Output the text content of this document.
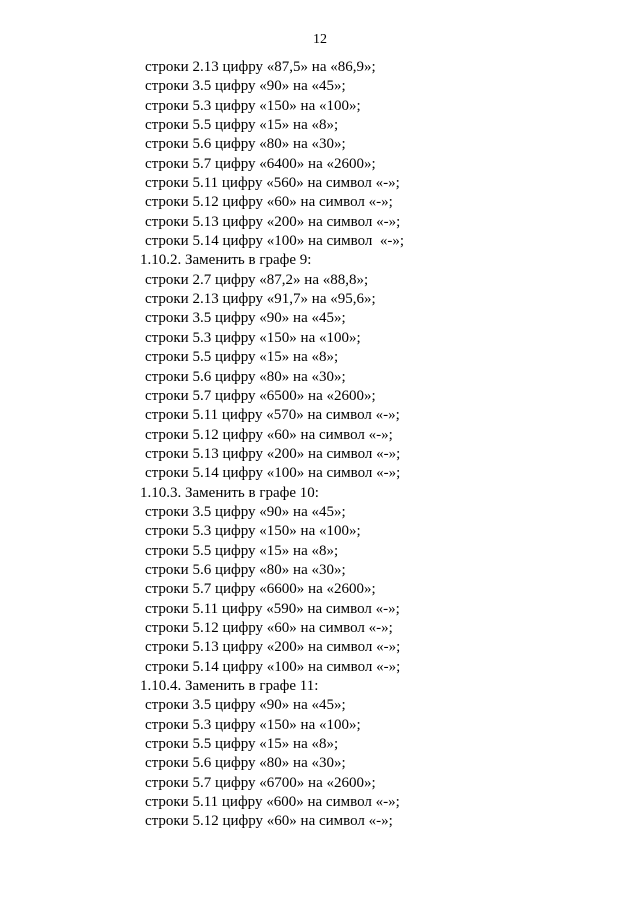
12
строки 2.13 цифру «87,5» на «86,9»;
строки 3.5 цифру «90» на «45»;
строки 5.3 цифру «150» на «100»;
строки 5.5 цифру «15» на «8»;
строки 5.6 цифру «80» на «30»;
строки 5.7 цифру «6400» на «2600»;
строки 5.11 цифру «560» на символ «-»;
строки 5.12 цифру «60» на символ «-»;
строки 5.13 цифру «200» на символ «-»;
строки 5.14 цифру «100» на символ  «-»;
1.10.2. Заменить в графе 9:
строки 2.7 цифру «87,2» на «88,8»;
строки 2.13 цифру «91,7» на «95,6»;
строки 3.5 цифру «90» на «45»;
строки 5.3 цифру «150» на «100»;
строки 5.5 цифру «15» на «8»;
строки 5.6 цифру «80» на «30»;
строки 5.7 цифру «6500» на «2600»;
строки 5.11 цифру «570» на символ «-»;
строки 5.12 цифру «60» на символ «-»;
строки 5.13 цифру «200» на символ «-»;
строки 5.14 цифру «100» на символ «-»;
1.10.3. Заменить в графе 10:
строки 3.5 цифру «90» на «45»;
строки 5.3 цифру «150» на «100»;
строки 5.5 цифру «15» на «8»;
строки 5.6 цифру «80» на «30»;
строки 5.7 цифру «6600» на «2600»;
строки 5.11 цифру «590» на символ «-»;
строки 5.12 цифру «60» на символ «-»;
строки 5.13 цифру «200» на символ «-»;
строки 5.14 цифру «100» на символ «-»;
1.10.4. Заменить в графе 11:
строки 3.5 цифру «90» на «45»;
строки 5.3 цифру «150» на «100»;
строки 5.5 цифру «15» на «8»;
строки 5.6 цифру «80» на «30»;
строки 5.7 цифру «6700» на «2600»;
строки 5.11 цифру «600» на символ «-»;
строки 5.12 цифру «60» на символ «-»;
